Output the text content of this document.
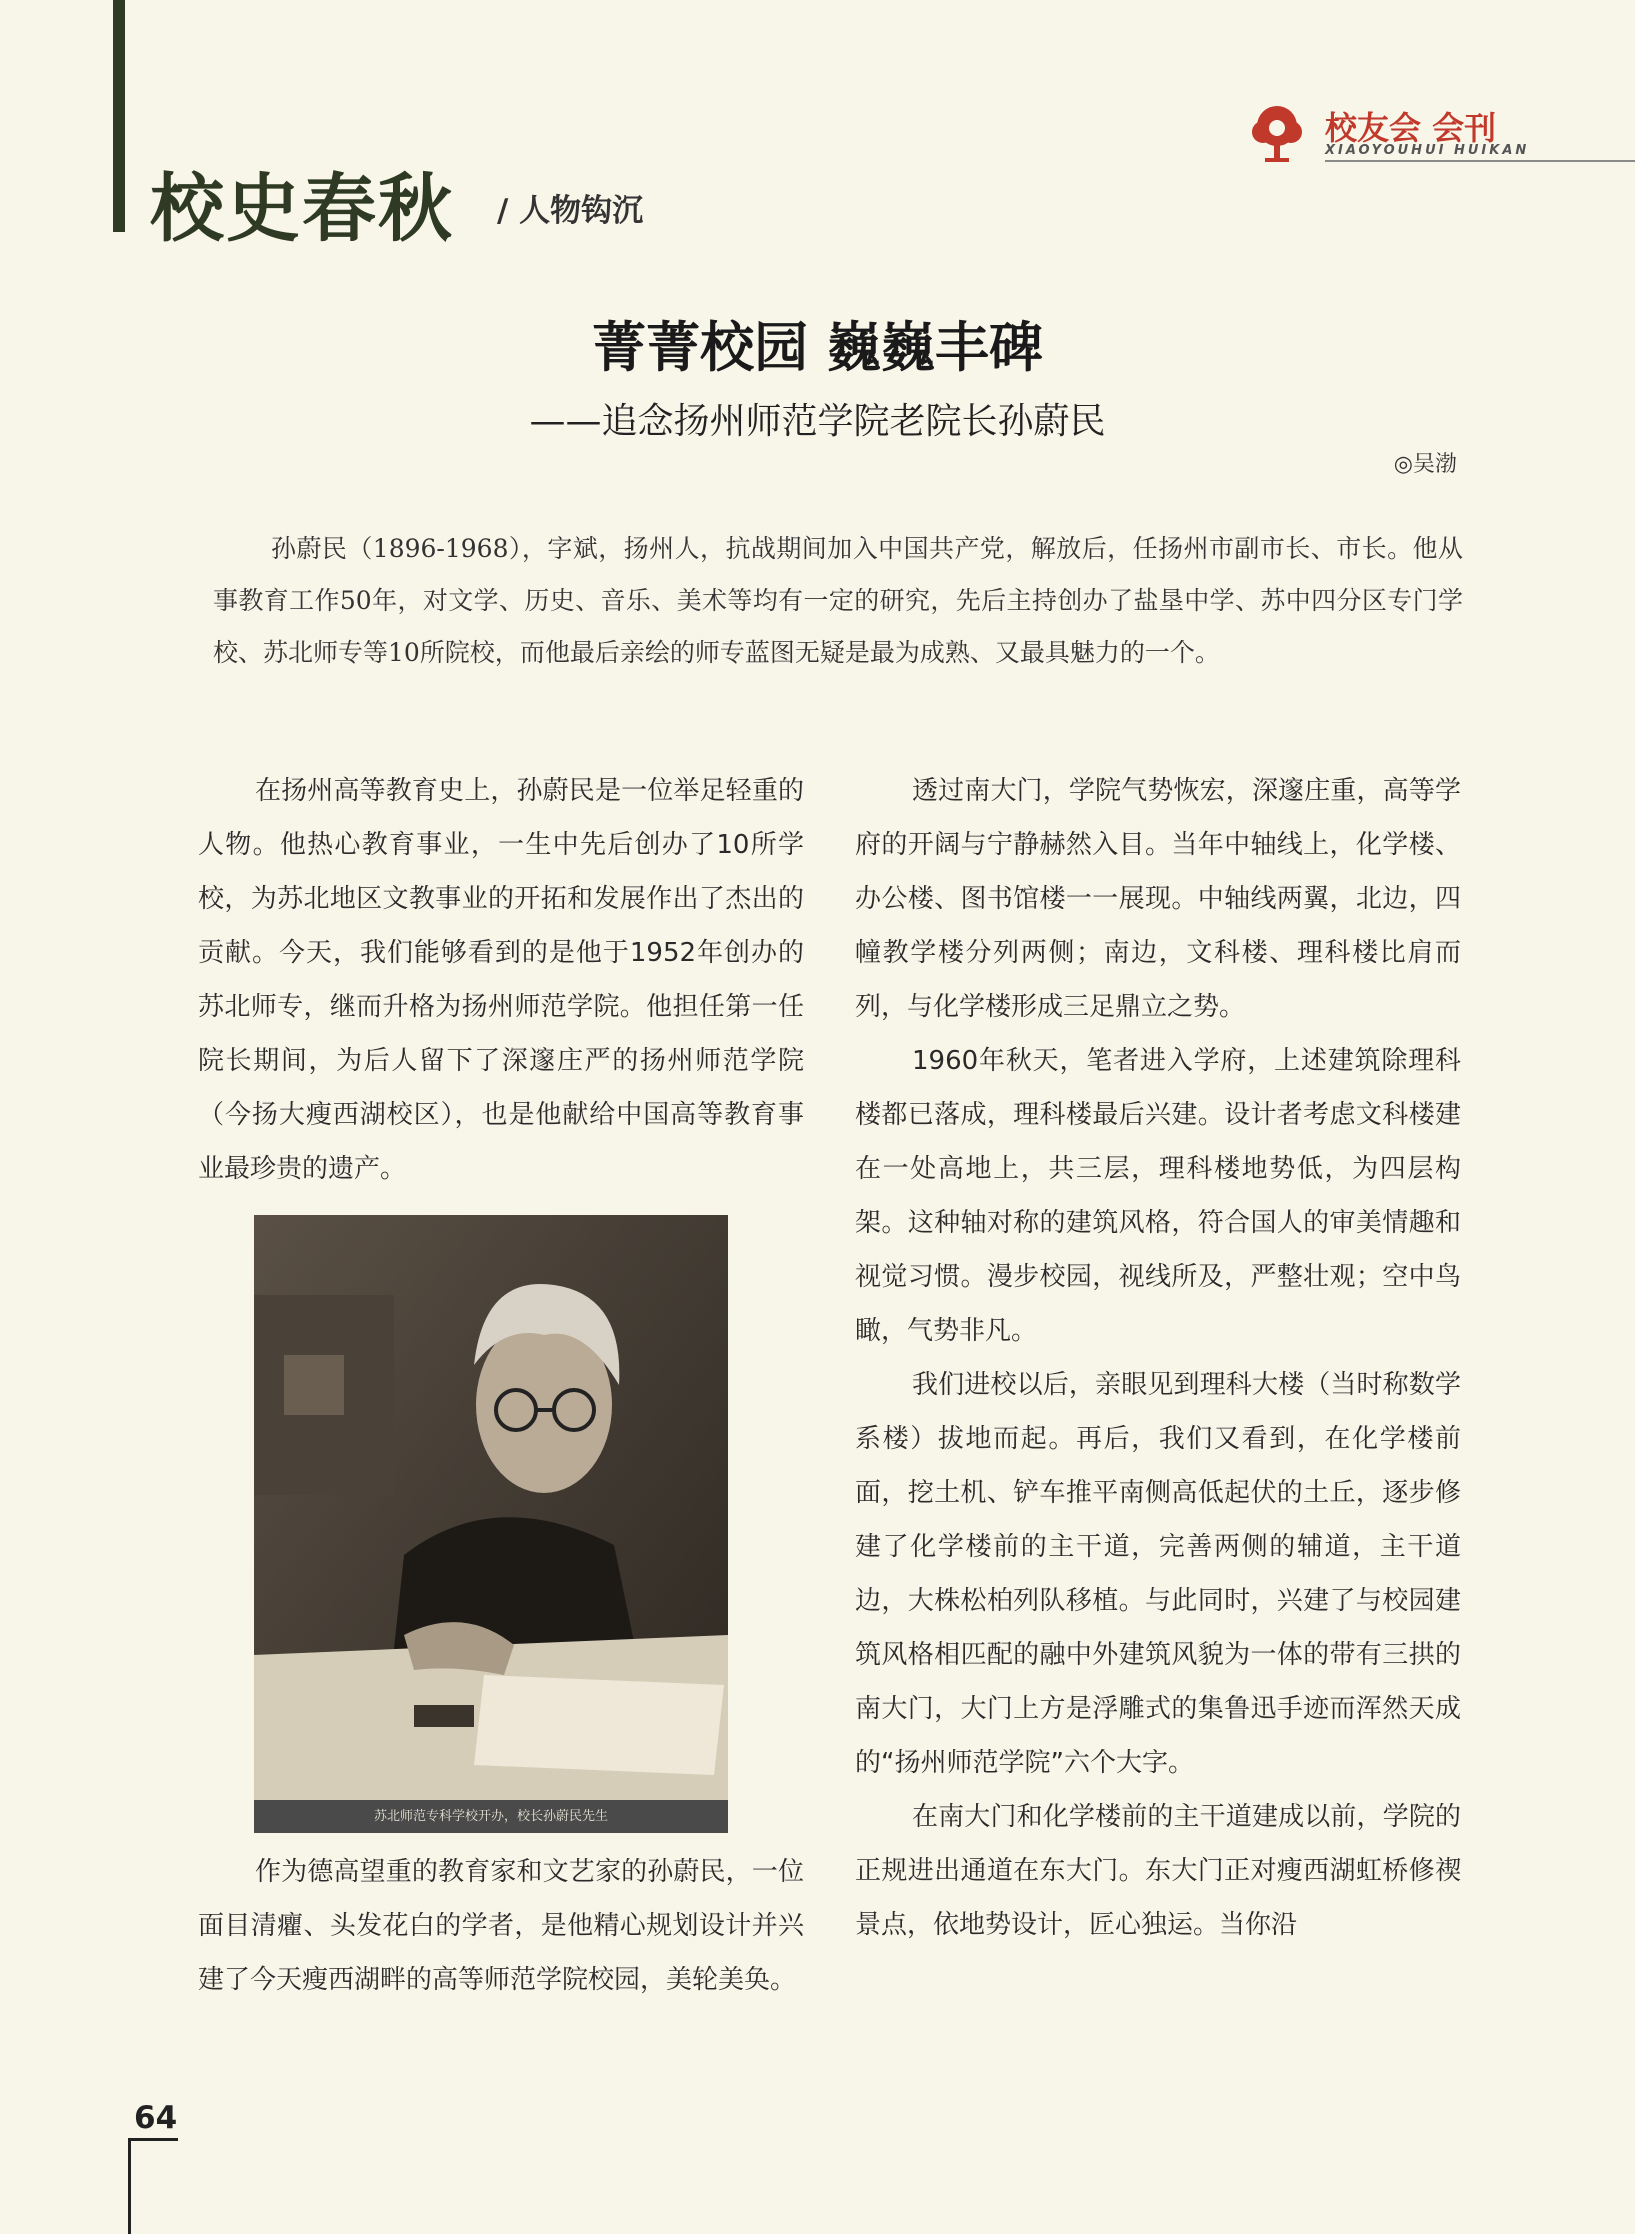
校史春秋 / 人物钩沉
校友会 会刊
XIAOYOUHUI HUIKAN
菁菁校园 巍巍丰碑
——追念扬州师范学院老院长孙蔚民
◎吴渤
孙蔚民（1896-1968），字斌，扬州人，抗战期间加入中国共产党，解放后，任扬州市副市长、市长。他从事教育工作50年，对文学、历史、音乐、美术等均有一定的研究，先后主持创办了盐垦中学、苏中四分区专门学校、苏北师专等10所院校，而他最后亲绘的师专蓝图无疑是最为成熟、又最具魅力的一个。

在扬州高等教育史上，孙蔚民是一位举足轻重的人物。他热心教育事业，一生中先后创办了10所学校，为苏北地区文教事业的开拓和发展作出了杰出的贡献。今天，我们能够看到的是他于1952年创办的苏北师专，继而升格为扬州师范学院。他担任第一任院长期间，为后人留下了深邃庄严的扬州师范学院（今扬大瘦西湖校区），也是他献给中国高等教育事业最珍贵的遗产。

苏北师范专科学校开办，校长孙蔚民先生

作为德高望重的教育家和文艺家的孙蔚民，一位面目清癯、头发花白的学者，是他精心规划设计并兴建了今天瘦西湖畔的高等师范学院校园，美轮美奂。

透过南大门，学院气势恢宏，深邃庄重，高等学府的开阔与宁静赫然入目。当年中轴线上，化学楼、办公楼、图书馆楼一一展现。中轴线两翼，北边，四幢教学楼分列两侧；南边，文科楼、理科楼比肩而列，与化学楼形成三足鼎立之势。

1960年秋天，笔者进入学府，上述建筑除理科楼都已落成，理科楼最后兴建。设计者考虑文科楼建在一处高地上，共三层，理科楼地势低，为四层构架。这种轴对称的建筑风格，符合国人的审美情趣和视觉习惯。漫步校园，视线所及，严整壮观；空中鸟瞰，气势非凡。

我们进校以后，亲眼见到理科大楼（当时称数学系楼）拔地而起。再后，我们又看到，在化学楼前面，挖土机、铲车推平南侧高低起伏的土丘，逐步修建了化学楼前的主干道，完善两侧的辅道，主干道边，大株松柏列队移植。与此同时，兴建了与校园建筑风格相匹配的融中外建筑风貌为一体的带有三拱的南大门，大门上方是浮雕式的集鲁迅手迹而浑然天成的“扬州师范学院”六个大字。

在南大门和化学楼前的主干道建成以前，学院的正规进出通道在东大门。东大门正对瘦西湖虹桥修禊景点，依地势设计，匠心独运。当你沿

64
